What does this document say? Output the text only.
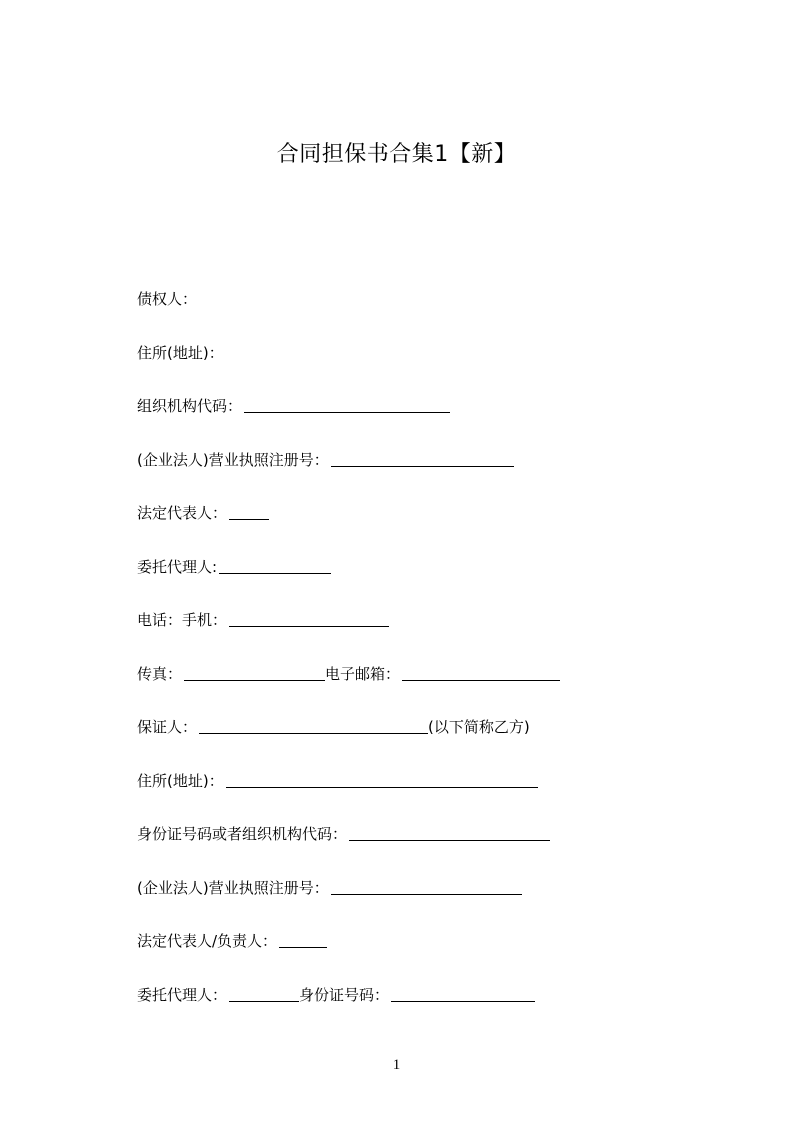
合同担保书合集1【新】
债权人：
住所(地址)：
组织机构代码：
(企业法人)营业执照注册号：
法定代表人：
委托代理人:
电话：手机：
传真：	电子邮箱：
保证人：	(以下简称乙方)
住所(地址)：
身份证号码或者组织机构代码：
(企业法人)营业执照注册号：
法定代表人/负责人：
委托代理人：	身份证号码：
1
